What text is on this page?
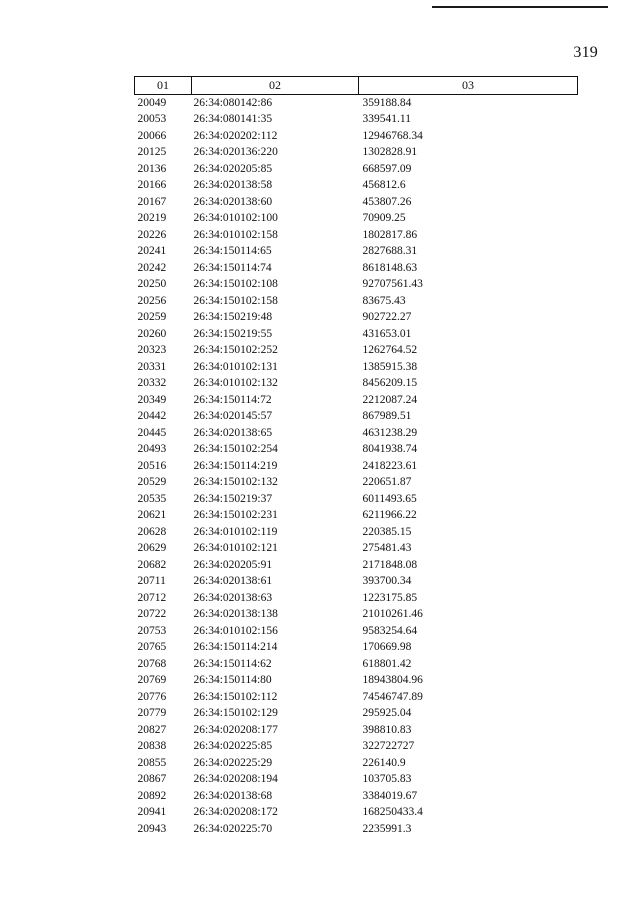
319
01	02	03
20049	26:34:080142:86	359188.84
20053	26:34:080141:35	339541.11
20066	26:34:020202:112	12946768.34
20125	26:34:020136:220	1302828.91
20136	26:34:020205:85	668597.09
20166	26:34:020138:58	456812.6
20167	26:34:020138:60	453807.26
20219	26:34:010102:100	70909.25
20226	26:34:010102:158	1802817.86
20241	26:34:150114:65	2827688.31
20242	26:34:150114:74	8618148.63
20250	26:34:150102:108	92707561.43
20256	26:34:150102:158	83675.43
20259	26:34:150219:48	902722.27
20260	26:34:150219:55	431653.01
20323	26:34:150102:252	1262764.52
20331	26:34:010102:131	1385915.38
20332	26:34:010102:132	8456209.15
20349	26:34:150114:72	2212087.24
20442	26:34:020145:57	867989.51
20445	26:34:020138:65	4631238.29
20493	26:34:150102:254	8041938.74
20516	26:34:150114:219	2418223.61
20529	26:34:150102:132	220651.87
20535	26:34:150219:37	6011493.65
20621	26:34:150102:231	6211966.22
20628	26:34:010102:119	220385.15
20629	26:34:010102:121	275481.43
20682	26:34:020205:91	2171848.08
20711	26:34:020138:61	393700.34
20712	26:34:020138:63	1223175.85
20722	26:34:020138:138	21010261.46
20753	26:34:010102:156	9583254.64
20765	26:34:150114:214	170669.98
20768	26:34:150114:62	618801.42
20769	26:34:150114:80	18943804.96
20776	26:34:150102:112	74546747.89
20779	26:34:150102:129	295925.04
20827	26:34:020208:177	398810.83
20838	26:34:020225:85	322722727
20855	26:34:020225:29	226140.9
20867	26:34:020208:194	103705.83
20892	26:34:020138:68	3384019.67
20941	26:34:020208:172	168250433.4
20943	26:34:020225:70	2235991.3
